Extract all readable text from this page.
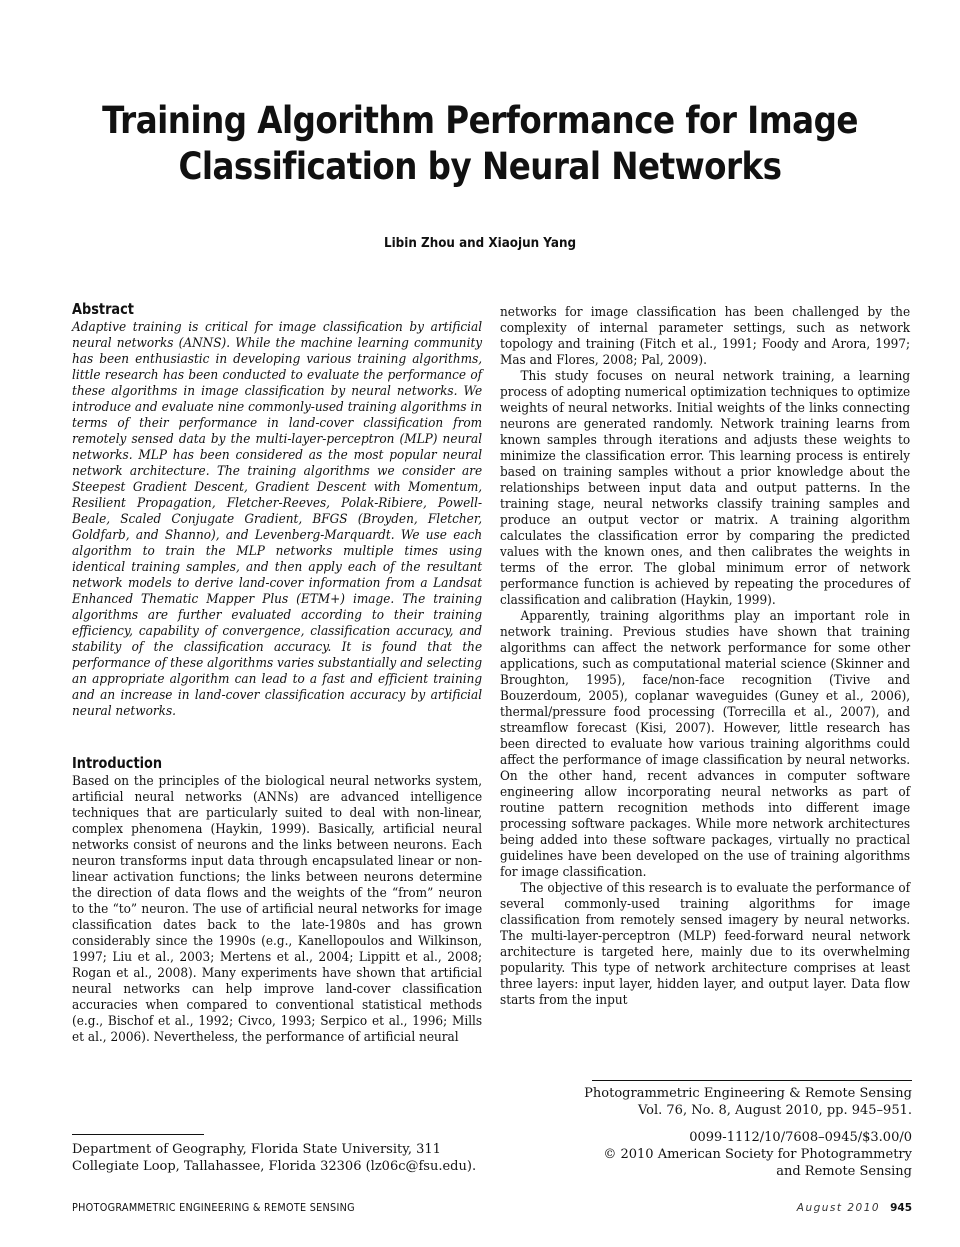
Training Algorithm Performance for Image
Classification by Neural Networks
Libin Zhou and Xiaojun Yang
Abstract

Adaptive training is critical for image classification by artificial neural networks (ANNS). While the machine learning community has been enthusiastic in developing various training algorithms, little research has been conducted to evaluate the performance of these algorithms in image classification by neural networks. We introduce and evaluate nine commonly-used training algorithms in terms of their performance in land-cover classification from remotely sensed data by the multi-layer-perceptron (MLP) neural networks. MLP has been considered as the most popular neural network architecture. The training algorithms we consider are Steepest Gradient Descent, Gradient Descent with Momentum, Resilient Propagation, Fletcher-Reeves, Polak-Ribiere, Powell-Beale, Scaled Conjugate Gradient, BFGS (Broyden, Fletcher, Goldfarb, and Shanno), and Levenberg-Marquardt. We use each algorithm to train the MLP networks multiple times using identical training samples, and then apply each of the resultant network models to derive land-cover information from a Landsat Enhanced Thematic Mapper Plus (ETM+) image. The training algorithms are further evaluated according to their training efficiency, capability of convergence, classification accuracy, and stability of the classification accuracy. It is found that the performance of these algorithms varies substantially and selecting an appropriate algorithm can lead to a fast and efficient training and an increase in land-cover classification accuracy by artificial neural networks.

Introduction

Based on the principles of the biological neural networks system, artificial neural networks (ANNs) are advanced intelligence techniques that are particularly suited to deal with non-linear, complex phenomena (Haykin, 1999). Basically, artificial neural networks consist of neurons and the links between neurons. Each neuron transforms input data through encapsulated linear or non-linear activation functions; the links between neurons determine the direction of data flows and the weights of the “from” neuron to the “to” neuron. The use of artificial neural networks for image classification dates back to the late-1980s and has grown considerably since the 1990s (e.g., Kanellopoulos and Wilkinson, 1997; Liu et al., 2003; Mertens et al., 2004; Lippitt et al., 2008; Rogan et al., 2008). Many experiments have shown that artificial neural networks can help improve land-cover classification accuracies when compared to conventional statistical methods (e.g., Bischof et al., 1992; Civco, 1993; Serpico et al., 1996; Mills et al., 2006). Nevertheless, the performance of artificial neural

networks for image classification has been challenged by the complexity of internal parameter settings, such as network topology and training (Fitch et al., 1991; Foody and Arora, 1997; Mas and Flores, 2008; Pal, 2009).

This study focuses on neural network training, a learning process of adopting numerical optimization techniques to optimize weights of neural networks. Initial weights of the links connecting neurons are generated randomly. Network training learns from known samples through iterations and adjusts these weights to minimize the classification error. This learning process is entirely based on training samples without a prior knowledge about the relationships between input data and output patterns. In the training stage, neural networks classify training samples and produce an output vector or matrix. A training algorithm calculates the classification error by comparing the predicted values with the known ones, and then calibrates the weights in terms of the error. The global minimum error of network performance function is achieved by repeating the procedures of classification and calibration (Haykin, 1999).

Apparently, training algorithms play an important role in network training. Previous studies have shown that training algorithms can affect the network performance for some other applications, such as computational material science (Skinner and Broughton, 1995), face/non-face recognition (Tivive and Bouzerdoum, 2005), coplanar waveguides (Guney et al., 2006), thermal/pressure food processing (Torrecilla et al., 2007), and streamflow forecast (Kisi, 2007). However, little research has been directed to evaluate how various training algorithms could affect the performance of image classification by neural networks. On the other hand, recent advances in computer software engineering allow incorporating neural networks as part of routine pattern recognition methods into different image processing software packages. While more network architectures being added into these software packages, virtually no practical guidelines have been developed on the use of training algorithms for image classification.

The objective of this research is to evaluate the performance of several commonly-used training algorithms for image classification from remotely sensed imagery by neural networks. The multi-layer-perceptron (MLP) feed-forward neural network architecture is targeted here, mainly due to its overwhelming popularity. This type of network architecture comprises at least three layers: input layer, hidden layer, and output layer. Data flow starts from the input

Photogrammetric Engineering & Remote Sensing
Vol. 76, No. 8, August 2010, pp. 945–951.
0099-1112/10/7608–0945/$3.00/0
© 2010 American Society for Photogrammetry
and Remote Sensing
Department of Geography, Florida State University, 311
Collegiate Loop, Tallahassee, Florida 32306 (lz06c@fsu.edu).
PHOTOGRAMMETRIC ENGINEERING & REMOTE SENSING	August 2010 945
